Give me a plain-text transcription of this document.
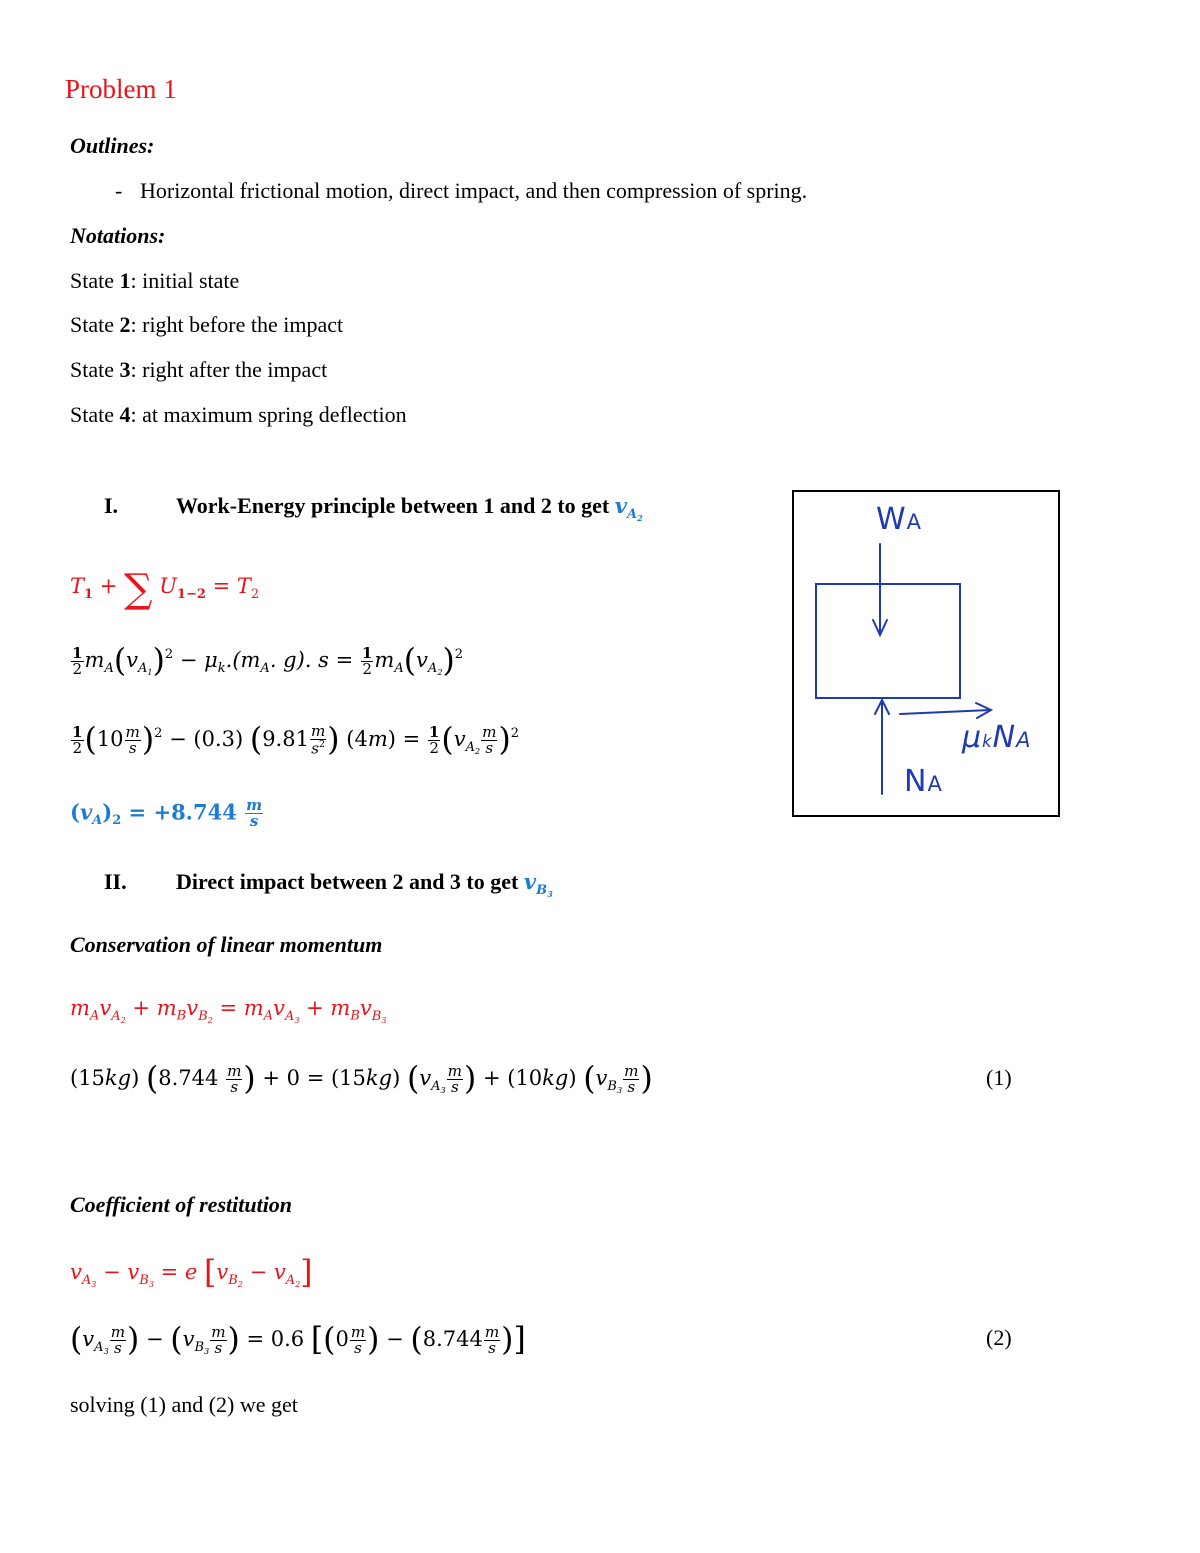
Problem 1
Outlines:
- Horizontal frictional motion, direct impact, and then compression of spring.
Notations:
State 1: initial state
State 2: right before the impact
State 3: right after the impact
State 4: at maximum spring deflection
I.	Work-Energy principle between 1 and 2 to get $v_{A_2}$
$T_1$ + ∑ $U_{1-2} = T_2$
$\frac{1}{2} m_A(v_{A_1})^2 - \mu_k.(m_A$. g). $s = \frac{1}{2} m_A(v_{A_2})^2$
$\frac{1}{2} (10 \frac{m}{s} )^2 - (0.3)$ ($9.81 \frac{m}{s^2}$ ) $(4m) = \frac{1}{2} (v_{A_2} \frac{m}{s} )^2$
$(v_A)_2 = +8.744 \frac{m}{s}$
WA
NA
μkNA
II. Direct impact between 2 and 3 to get $v_{B_3}$
Conservation of linear momentum
$m_Av_{A_2} + m_Bv_{B_2} = m_Av_{A_3} + m_Bv_{B_3}$
(15kg) ($8.744 \frac{m}{s}$ ) + 0 = (15kg) ($v_{A_3} \frac{m}{s}$ ) + (10kg) ($v_{B_3} \frac{m}{s}$ )	(1)
Coefficient of restitution
$v_{A_3} - v_{B_3} = e$ $[v_{B_2} - v_{A_2}]$
($v_{A_3} \frac{m}{s}$ ) − ($v_{B_3} \frac{m}{s}$ ) = 0.6 [($0 \frac{m}{s}$ ) − ($8.744 \frac{m}{s}$ )]	(2)
solving (1) and (2) we get
